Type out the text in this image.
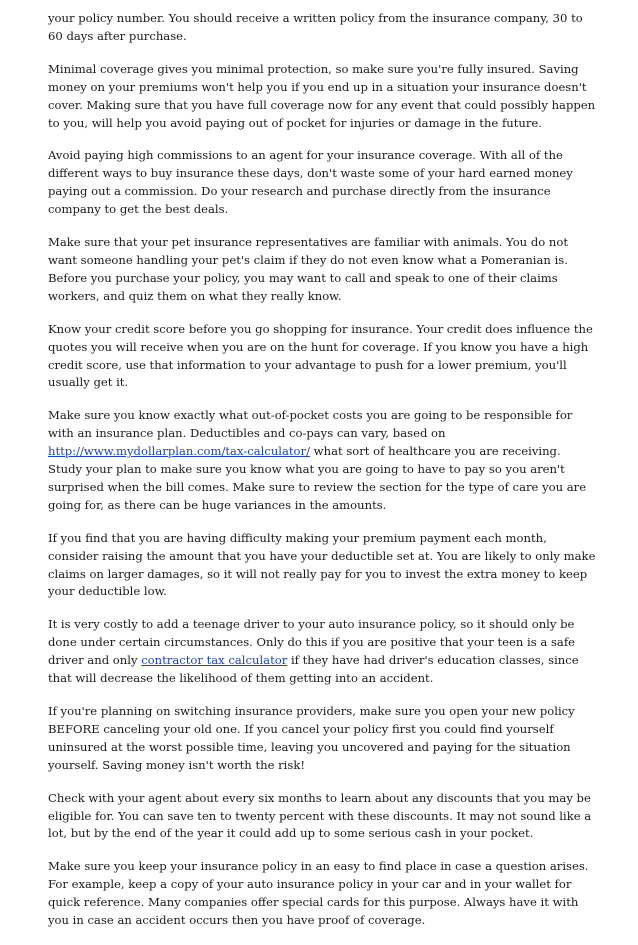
your policy number. You should receive a written policy from the insurance company, 30 to 60 days after purchase.

Minimal coverage gives you minimal protection, so make sure you're fully insured. Saving money on your premiums won't help you if you end up in a situation your insurance doesn't cover. Making sure that you have full coverage now for any event that could possibly happen to you, will help you avoid paying out of pocket for injuries or damage in the future.

Avoid paying high commissions to an agent for your insurance coverage. With all of the different ways to buy insurance these days, don't waste some of your hard earned money paying out a commission. Do your research and purchase directly from the insurance company to get the best deals.

Make sure that your pet insurance representatives are familiar with animals. You do not want someone handling your pet's claim if they do not even know what a Pomeranian is. Before you purchase your policy, you may want to call and speak to one of their claims workers, and quiz them on what they really know.

Know your credit score before you go shopping for insurance. Your credit does influence the quotes you will receive when you are on the hunt for coverage. If you know you have a high credit score, use that information to your advantage to push for a lower premium, you'll usually get it.

Make sure you know exactly what out-of-pocket costs you are going to be responsible for with an insurance plan. Deductibles and co-pays can vary, based on http://www.mydollarplan.com/tax-calculator/ what sort of healthcare you are receiving. Study your plan to make sure you know what you are going to have to pay so you aren't surprised when the bill comes. Make sure to review the section for the type of care you are going for, as there can be huge variances in the amounts.

If you find that you are having difficulty making your premium payment each month, consider raising the amount that you have your deductible set at. You are likely to only make claims on larger damages, so it will not really pay for you to invest the extra money to keep your deductible low.

It is very costly to add a teenage driver to your auto insurance policy, so it should only be done under certain circumstances. Only do this if you are positive that your teen is a safe driver and only contractor tax calculator if they have had driver's education classes, since that will decrease the likelihood of them getting into an accident.

If you're planning on switching insurance providers, make sure you open your new policy BEFORE canceling your old one. If you cancel your policy first you could find yourself uninsured at the worst possible time, leaving you uncovered and paying for the situation yourself. Saving money isn't worth the risk!

Check with your agent about every six months to learn about any discounts that you may be eligible for. You can save ten to twenty percent with these discounts. It may not sound like a lot, but by the end of the year it could add up to some serious cash in your pocket.

Make sure you keep your insurance policy in an easy to find place in case a question arises. For example, keep a copy of your auto insurance policy in your car and in your wallet for quick reference. Many companies offer special cards for this purpose. Always have it with you in case an accident occurs then you have proof of coverage.
